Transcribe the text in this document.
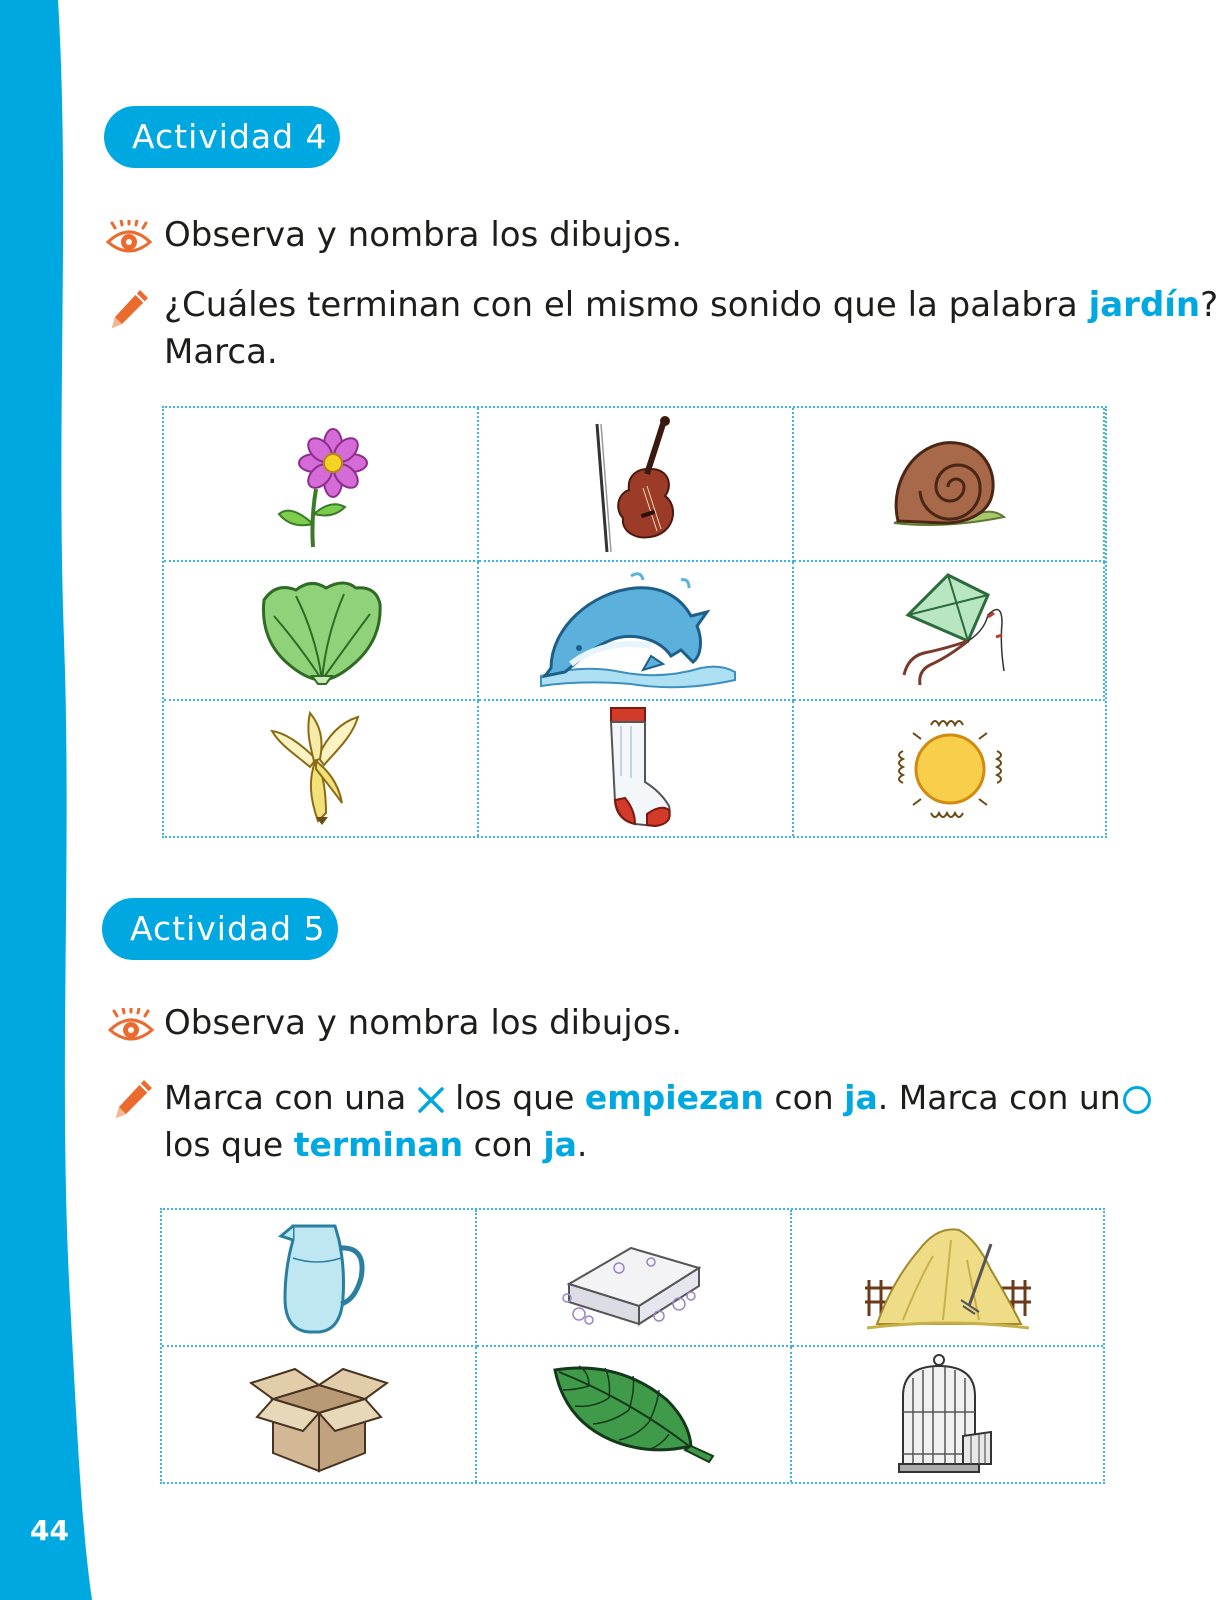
44
Actividad 4
Observa y nombra los dibujos.
¿Cuáles terminan con el mismo sonido que la palabra jardín?
Marca.
Actividad 5
Observa y nombra los dibujos.
Marca con una  los que empiezan con ja. Marca con un
los que terminan con ja.
